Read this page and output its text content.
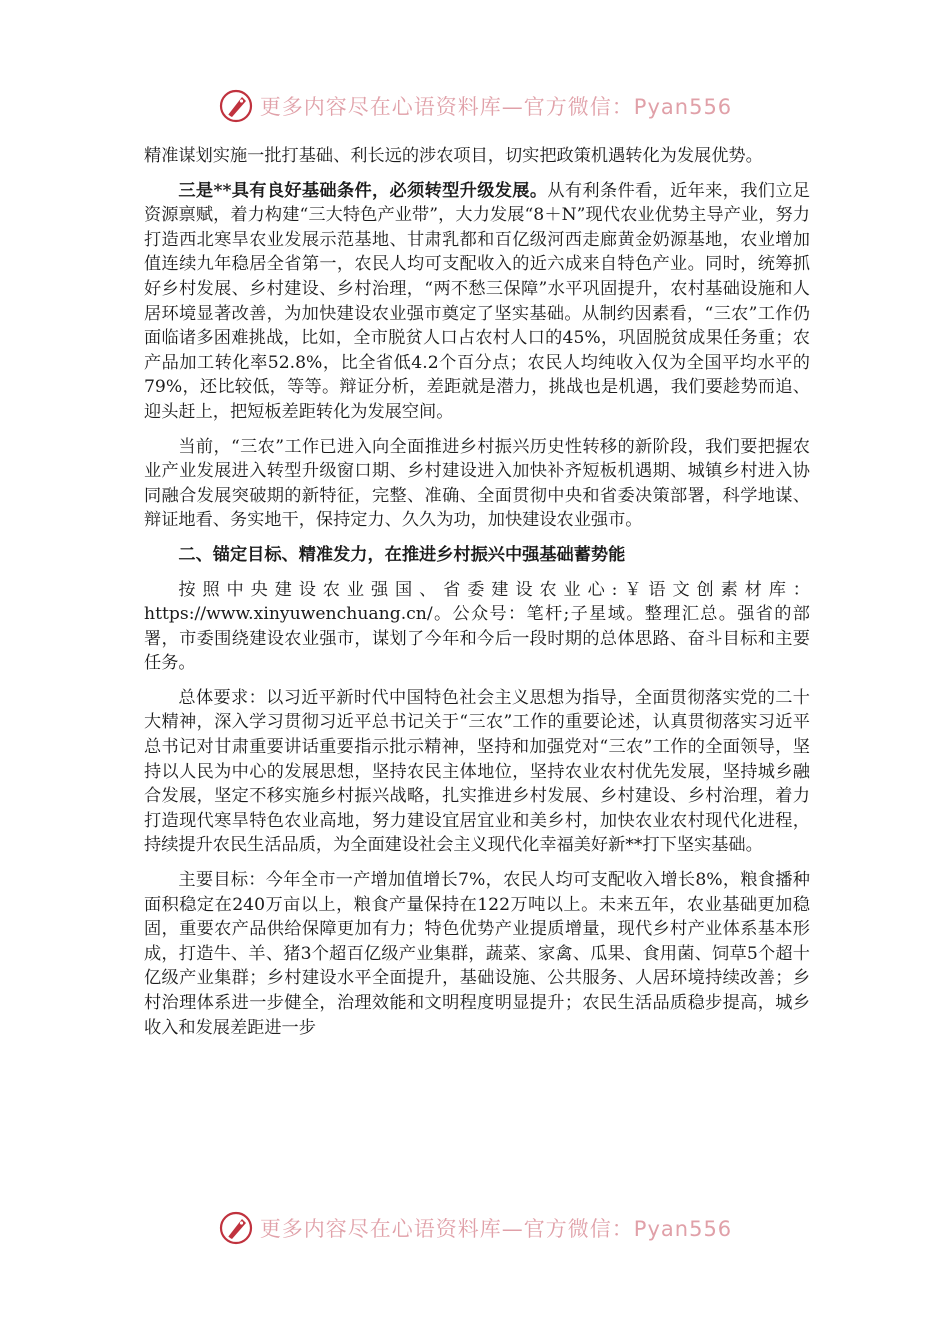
更多内容尽在心语资料库—官方微信：Pyan556

精准谋划实施一批打基础、利长远的涉农项目，切实把政策机遇转化为发展优势。

三是**具有良好基础条件，必须转型升级发展。从有利条件看，近年来，我们立足资源禀赋，着力构建“三大特色产业带”，大力发展“8＋N”现代农业优势主导产业，努力打造西北寒旱农业发展示范基地、甘肃乳都和百亿级河西走廊黄金奶源基地，农业增加值连续九年稳居全省第一，农民人均可支配收入的近六成来自特色产业。同时，统筹抓好乡村发展、乡村建设、乡村治理，“两不愁三保障”水平巩固提升，农村基础设施和人居环境显著改善，为加快建设农业强市奠定了坚实基础。从制约因素看，“三农”工作仍面临诸多困难挑战，比如，全市脱贫人口占农村人口的45%，巩固脱贫成果任务重；农产品加工转化率52.8%，比全省低4.2个百分点；农民人均纯收入仅为全国平均水平的79%，还比较低，等等。辩证分析，差距就是潜力，挑战也是机遇，我们要趁势而追、迎头赶上，把短板差距转化为发展空间。

当前，“三农”工作已进入向全面推进乡村振兴历史性转移的新阶段，我们要把握农业产业发展进入转型升级窗口期、乡村建设进入加快补齐短板机遇期、城镇乡村进入协同融合发展突破期的新特征，完整、准确、全面贯彻中央和省委决策部署，科学地谋、辩证地看、务实地干，保持定力、久久为功，加快建设农业强市。

二、锚定目标、精准发力，在推进乡村振兴中强基础蓄势能

按照中央建设农业强国、省委建设农业心:￥语文创素材库：https://www.xinyuwenchuang.cn/。公众号：笔杆;子星域。整理汇总。强省的部署，市委围绕建设农业强市，谋划了今年和今后一段时期的总体思路、奋斗目标和主要任务。

总体要求：以习近平新时代中国特色社会主义思想为指导，全面贯彻落实党的二十大精神，深入学习贯彻习近平总书记关于“三农”工作的重要论述，认真贯彻落实习近平总书记对甘肃重要讲话重要指示批示精神，坚持和加强党对“三农”工作的全面领导，坚持以人民为中心的发展思想，坚持农民主体地位，坚持农业农村优先发展，坚持城乡融合发展，坚定不移实施乡村振兴战略，扎实推进乡村发展、乡村建设、乡村治理，着力打造现代寒旱特色农业高地，努力建设宜居宜业和美乡村，加快农业农村现代化进程，持续提升农民生活品质，为全面建设社会主义现代化幸福美好新**打下坚实基础。

主要目标：今年全市一产增加值增长7%，农民人均可支配收入增长8%，粮食播种面积稳定在240万亩以上，粮食产量保持在122万吨以上。未来五年，农业基础更加稳固，重要农产品供给保障更加有力；特色优势产业提质增量，现代乡村产业体系基本形成，打造牛、羊、猪3个超百亿级产业集群，蔬菜、家禽、瓜果、食用菌、饲草5个超十亿级产业集群；乡村建设水平全面提升，基础设施、公共服务、人居环境持续改善；乡村治理体系进一步健全，治理效能和文明程度明显提升；农民生活品质稳步提高，城乡收入和发展差距进一步

更多内容尽在心语资料库—官方微信：Pyan556
